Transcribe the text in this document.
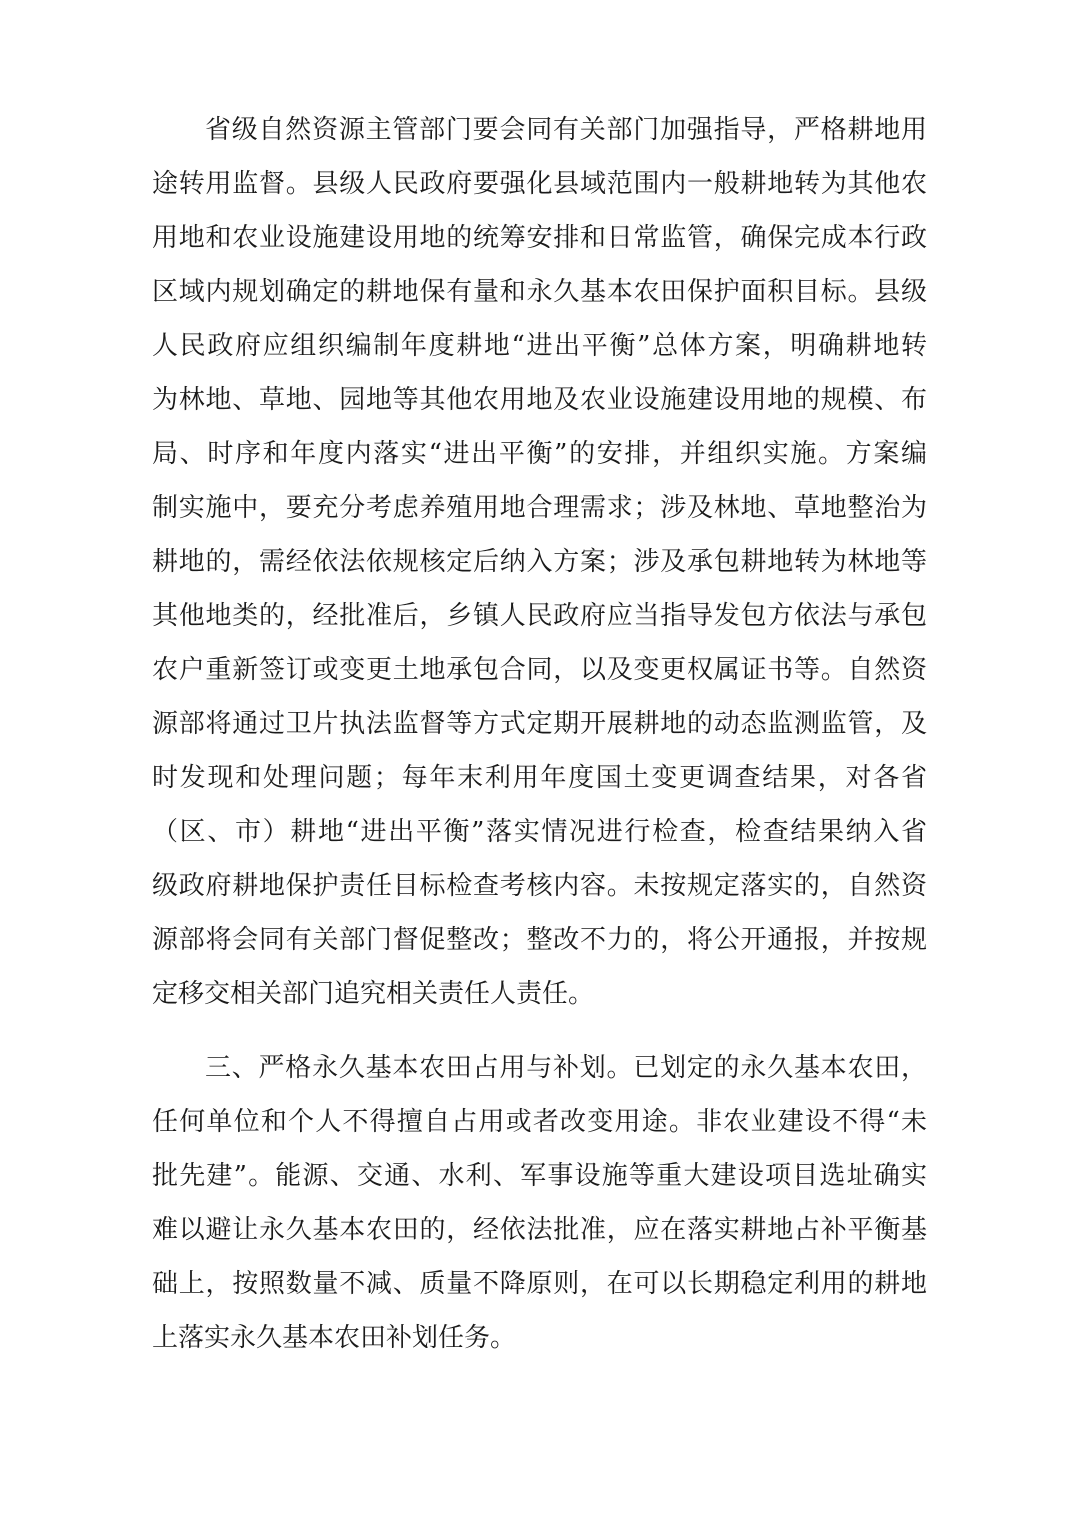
省级自然资源主管部门要会同有关部门加强指导，严格耕地用

途转用监督。县级人民政府要强化县域范围内一般耕地转为其他农

用地和农业设施建设用地的统筹安排和日常监管，确保完成本行政

区域内规划确定的耕地保有量和永久基本农田保护面积目标。县级

人民政府应组织编制年度耕地“进出平衡”总体方案，明确耕地转

为林地、草地、园地等其他农用地及农业设施建设用地的规模、布

局、时序和年度内落实“进出平衡”的安排，并组织实施。方案编

制实施中，要充分考虑养殖用地合理需求；涉及林地、草地整治为

耕地的，需经依法依规核定后纳入方案；涉及承包耕地转为林地等

其他地类的，经批准后，乡镇人民政府应当指导发包方依法与承包

农户重新签订或变更土地承包合同，以及变更权属证书等。自然资

源部将通过卫片执法监督等方式定期开展耕地的动态监测监管，及

时发现和处理问题；每年末利用年度国土变更调查结果，对各省

（区、市）耕地“进出平衡”落实情况进行检查，检查结果纳入省

级政府耕地保护责任目标检查考核内容。未按规定落实的，自然资

源部将会同有关部门督促整改；整改不力的，将公开通报，并按规

定移交相关部门追究相关责任人责任。

三、严格永久基本农田占用与补划。已划定的永久基本农田，

任何单位和个人不得擅自占用或者改变用途。非农业建设不得“未

批先建”。能源、交通、水利、军事设施等重大建设项目选址确实

难以避让永久基本农田的，经依法批准，应在落实耕地占补平衡基

础上，按照数量不减、质量不降原则，在可以长期稳定利用的耕地

上落实永久基本农田补划任务。
